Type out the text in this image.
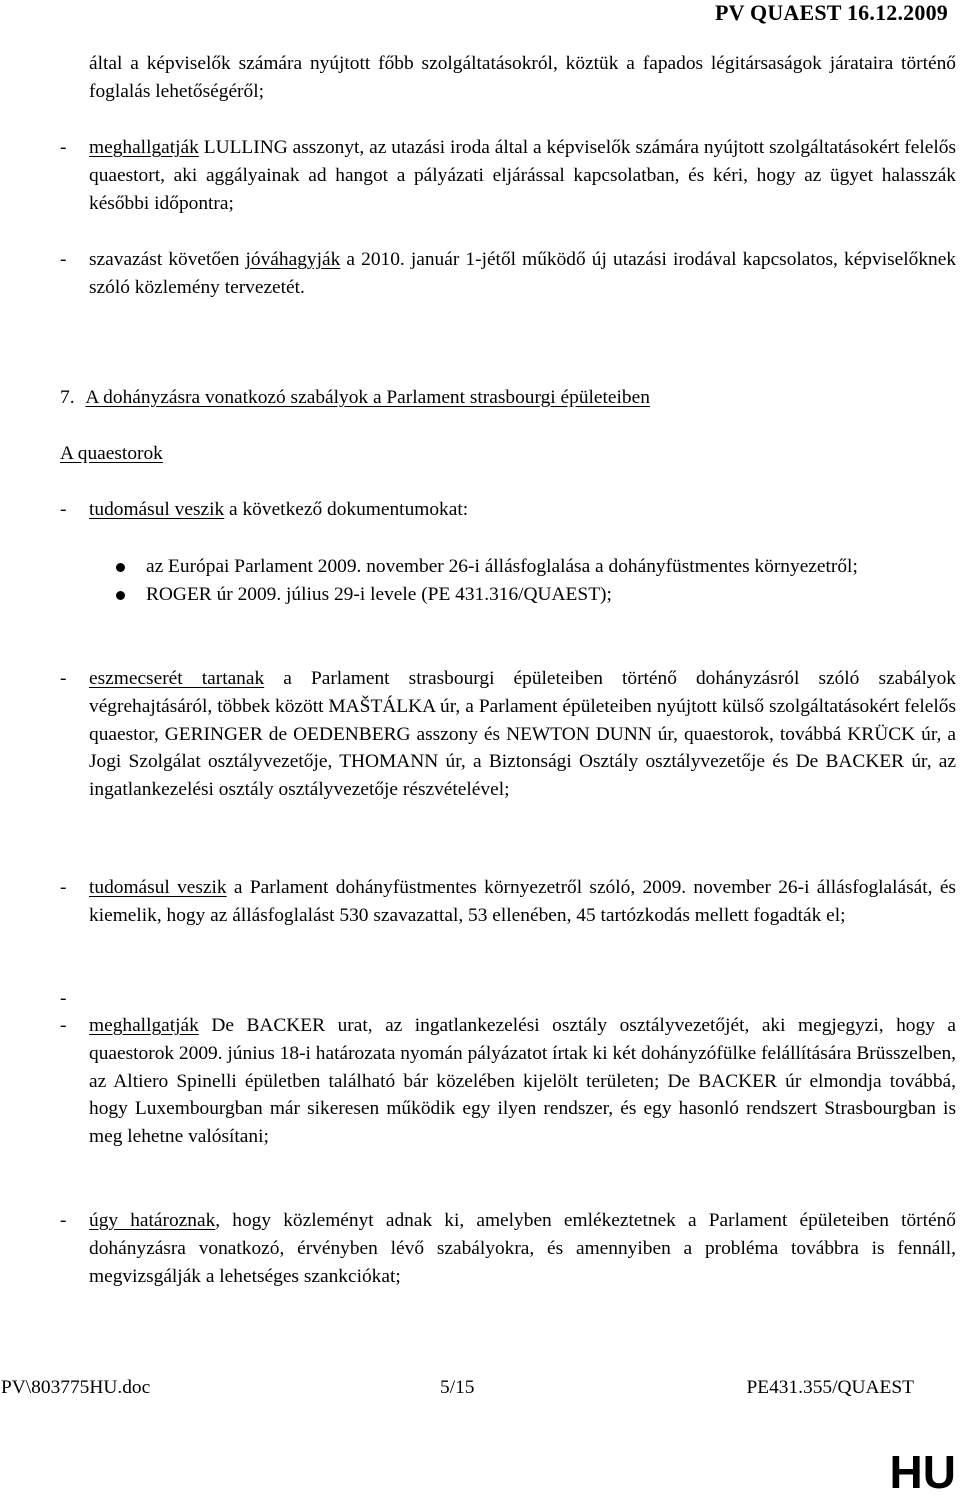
PV QUAEST 16.12.2009
által a képviselők számára nyújtott főbb szolgáltatásokról, köztük a fapados légitársaságok járataira történő foglalás lehetőségéről;
- meghallgatják LULLING asszonyt, az utazási iroda által a képviselők számára nyújtott szolgáltatásokért felelős quaestort, aki aggályainak ad hangot a pályázati eljárással kapcsolatban, és kéri, hogy az ügyet halasszák későbbi időpontra;
- szavazást követően jóváhagyják a 2010. január 1-jétől működő új utazási irodával kapcsolatos, képviselőknek szóló közlemény tervezetét.
7. A dohányzásra vonatkozó szabályok a Parlament strasbourgi épületeiben
A quaestorok
- tudomásul veszik a következő dokumentumokat:
az Európai Parlament 2009. november 26-i állásfoglalása a dohányfüstmentes környezetről;
ROGER úr 2009. július 29-i levele (PE 431.316/QUAEST);
- eszmecserét tartanak a Parlament strasbourgi épületeiben történő dohányzásról szóló szabályok végrehajtásáról, többek között MAŠTÁLKA úr, a Parlament épületeiben nyújtott külső szolgáltatásokért felelős quaestor, GERINGER de OEDENBERG asszony és NEWTON DUNN úr, quaestorok, továbbá KRÜCK úr, a Jogi Szolgálat osztályvezetője, THOMANN úr, a Biztonsági Osztály osztályvezetője és De BACKER úr, az ingatlankezelési osztály osztályvezetője részvételével;
- tudomásul veszik a Parlament dohányfüstmentes környezetről szóló, 2009. november 26-i állásfoglalását, és kiemelik, hogy az állásfoglalást 530 szavazattal, 53 ellenében, 45 tartózkodás mellett fogadták el;
-
- meghallgatják De BACKER urat, az ingatlankezelési osztály osztályvezetőjét, aki megjegyzi, hogy a quaestorok 2009. június 18-i határozata nyomán pályázatot írtak ki két dohányzófülke felállítására Brüsszelben, az Altiero Spinelli épületben található bár közelében kijelölt területen; De BACKER úr elmondja továbbá, hogy Luxembourgban már sikeresen működik egy ilyen rendszer, és egy hasonló rendszert Strasbourgban is meg lehetne valósítani;
- úgy határoznak, hogy közleményt adnak ki, amelyben emlékeztetnek a Parlament épületeiben történő dohányzásra vonatkozó, érvényben lévő szabályokra, és amennyiben a probléma továbbra is fennáll, megvizsgálják a lehetséges szankciókat;
PV\803775HU.doc	5/15	PE431.355/QUAEST
HU
